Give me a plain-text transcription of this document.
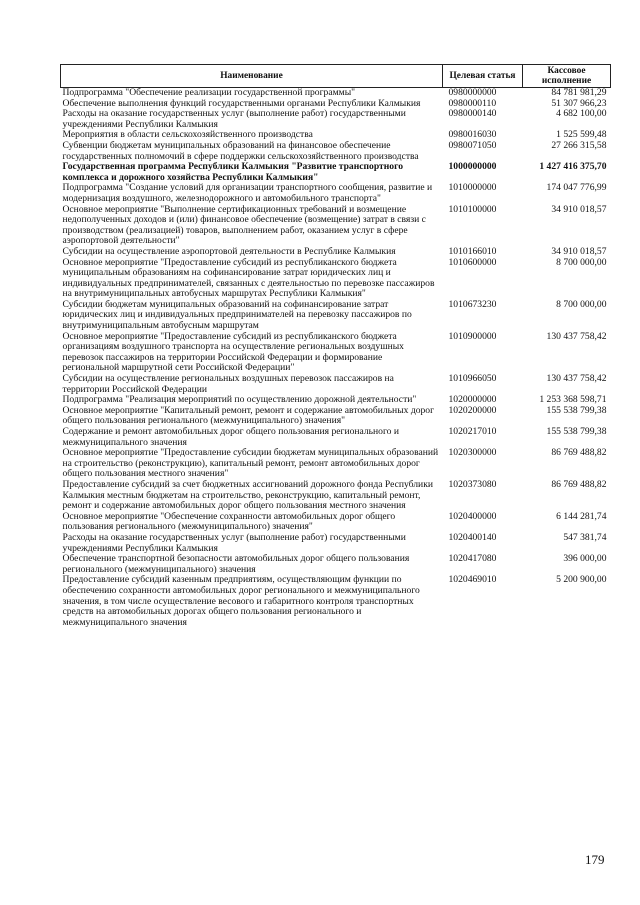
Наименование	Целевая статья	Кассовое исполнение
Подпрограмма "Обеспечение реализации государственной программы"	0980000000	84 781 981,29
Обеспечение выполнения функций государственными органами Республики Калмыкия	0980000110	51 307 966,23
Расходы на оказание государственных услуг (выполнение работ) государственными учреждениями Республики Калмыкия	0980000140	4 682 100,00
Мероприятия в области сельскохозяйственного производства	0980016030	1 525 599,48
Субвенции бюджетам муниципальных образований на финансовое обеспечение государственных полномочий в сфере поддержки сельскохозяйственного производства	0980071050	27 266 315,58
Государственная программа Республики Калмыкия "Развитие транспортного комплекса и дорожного хозяйства Республики Калмыкия"	1000000000	1 427 416 375,70
Подпрограмма "Создание условий для организации транспортного сообщения, развитие и модернизация воздушного, железнодорожного и автомобильного транспорта"	1010000000	174 047 776,99
Основное мероприятие "Выполнение сертификационных требований и возмещение недополученных доходов и (или) финансовое обеспечение (возмещение) затрат в связи с производством (реализацией) товаров, выполнением работ, оказанием услуг в сфере аэропортовой деятельности"	1010100000	34 910 018,57
Субсидии на осуществление аэропортовой деятельности в Республике Калмыкия	1010166010	34 910 018,57
Основное мероприятие "Предоставление субсидий из республиканского бюджета муниципальным образованиям на софинансирование затрат юридических лиц и индивидуальных предпринимателей, связанных с деятельностью по перевозке пассажиров на внутримуниципальных автобусных маршрутах Республики Калмыкия"	1010600000	8 700 000,00
Субсидии бюджетам муниципальных образований на софинансирование затрат юридических лиц и индивидуальных предпринимателей на перевозку пассажиров по внутримуниципальным автобусным маршрутам	1010673230	8 700 000,00
Основное мероприятие "Предоставление субсидий из республиканского бюджета организациям воздушного транспорта на осуществление региональных воздушных перевозок пассажиров на территории Российской Федерации и формирование региональной маршрутной сети Российской Федерации"	1010900000	130 437 758,42
Субсидии на осуществление региональных воздушных перевозок пассажиров на территории Российской Федерации	1010966050	130 437 758,42
Подпрограмма "Реализация мероприятий по осуществлению дорожной деятельности"	1020000000	1 253 368 598,71
Основное мероприятие "Капитальный ремонт, ремонт и содержание автомобильных дорог общего пользования регионального (межмуниципального) значения"	1020200000	155 538 799,38
Содержание и ремонт автомобильных дорог общего пользования регионального и межмуниципального значения	1020217010	155 538 799,38
Основное мероприятие "Предоставление субсидии бюджетам муниципальных образований на строительство (реконструкцию), капитальный ремонт, ремонт автомобильных дорог общего пользования местного значения"	1020300000	86 769 488,82
Предоставление субсидий за счет бюджетных ассигнований дорожного фонда Республики Калмыкия местным бюджетам на строительство, реконструкцию, капитальный ремонт, ремонт и содержание автомобильных дорог общего пользования местного значения	1020373080	86 769 488,82
Основное мероприятие "Обеспечение сохранности автомобильных дорог общего пользования регионального (межмуниципального) значения"	1020400000	6 144 281,74
Расходы на оказание государственных услуг (выполнение работ) государственными учреждениями Республики Калмыкия	1020400140	547 381,74
Обеспечение транспортной безопасности автомобильных дорог общего пользования регионального (межмуниципального) значения	1020417080	396 000,00
Предоставление субсидий казенным предприятиям, осуществляющим функции по обеспечению сохранности автомобильных дорог регионального и межмуниципального значения, в том числе осуществление весового и габаритного контроля транспортных средств на автомобильных дорогах общего пользования регионального и межмуниципального значения	1020469010	5 200 900,00
179
